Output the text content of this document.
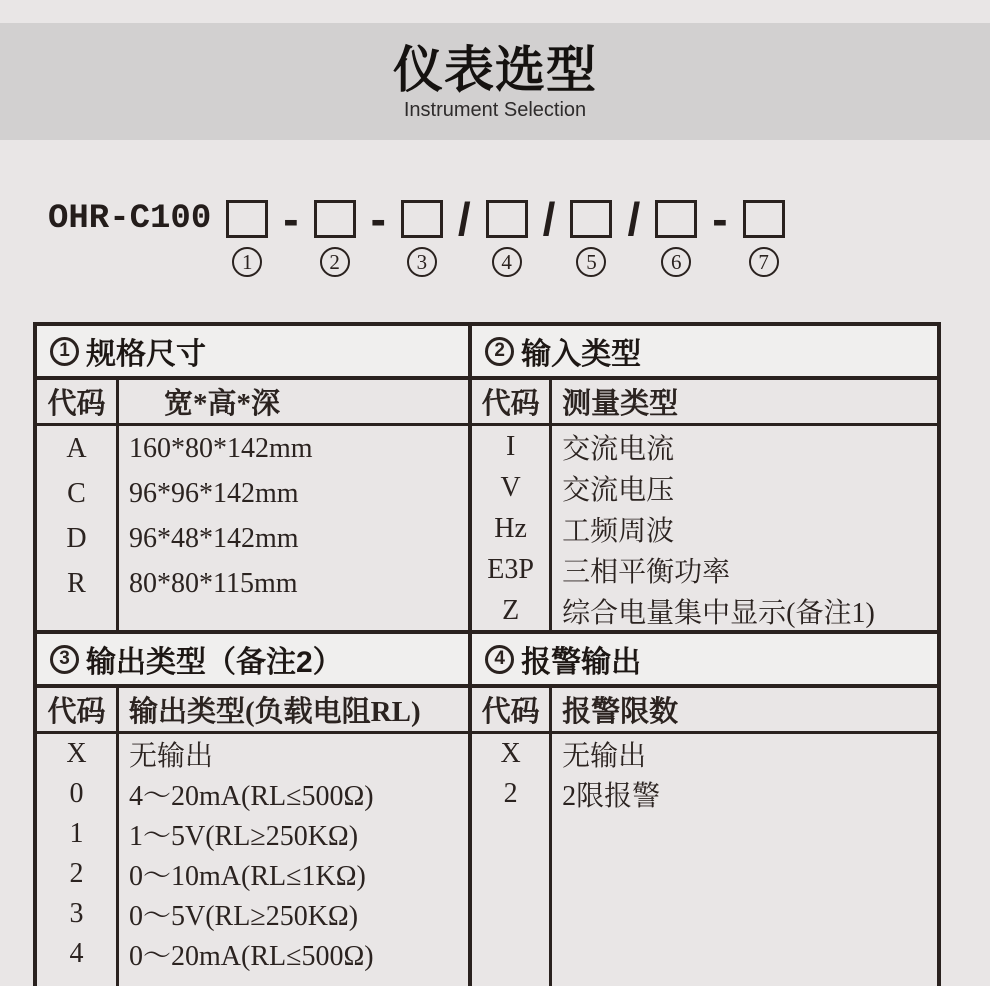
仪表选型
Instrument Selection
OHR-C100
1
-
2
-
3
/
4
/
5
/
6
-
7
1 规格尺寸
代码	宽*高*深
A	160*80*142mm
C	96*96*142mm
D	96*48*142mm
R	80*80*115mm
2 输入类型
代码 测量类型
I	交流电流
V	交流电压
Hz	工频周波
E3P	三相平衡功率
Z	综合电量集中显示(备注1)
3 输出类型（备注2）
代码 输出类型(负载电阻RL)
X	无输出
0	4～20mA(RL≤500Ω)
1	1～5V(RL≥250KΩ)
2	0～10mA(RL≤1KΩ)
3	0～5V(RL≥250KΩ)
4	0～20mA(RL≤500Ω)
4 报警输出
代码 报警限数
X	无输出
2	2限报警
